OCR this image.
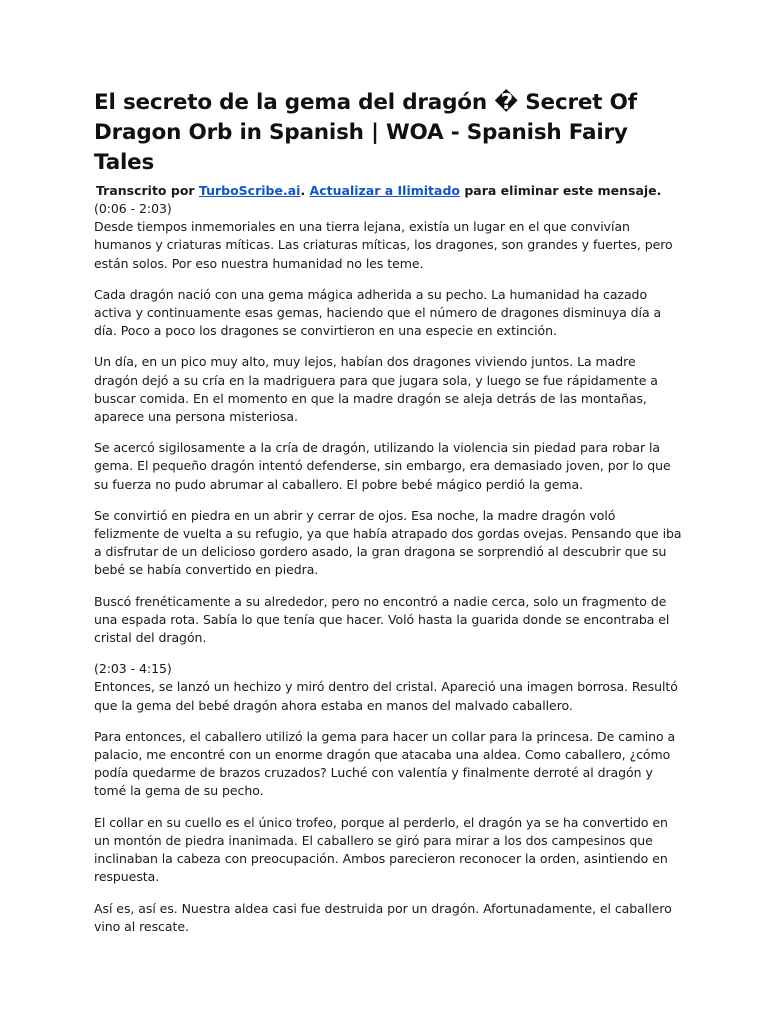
El secreto de la gema del dragón � Secret Of Dragon Orb in Spanish | WOA - Spanish Fairy Tales
Transcrito por TurboScribe.ai. Actualizar a Ilimitado para eliminar este mensaje.

(0:06 - 2:03)
Desde tiempos inmemoriales en una tierra lejana, existía un lugar en el que convivían humanos y criaturas míticas. Las criaturas míticas, los dragones, son grandes y fuertes, pero están solos. Por eso nuestra humanidad no les teme.

Cada dragón nació con una gema mágica adherida a su pecho. La humanidad ha cazado activa y continuamente esas gemas, haciendo que el número de dragones disminuya día a día. Poco a poco los dragones se convirtieron en una especie en extinción.

Un día, en un pico muy alto, muy lejos, habían dos dragones viviendo juntos. La madre dragón dejó a su cría en la madriguera para que jugara sola, y luego se fue rápidamente a buscar comida. En el momento en que la madre dragón se aleja detrás de las montañas, aparece una persona misteriosa.

Se acercó sigilosamente a la cría de dragón, utilizando la violencia sin piedad para robar la gema. El pequeño dragón intentó defenderse, sin embargo, era demasiado joven, por lo que su fuerza no pudo abrumar al caballero. El pobre bebé mágico perdió la gema.

Se convirtió en piedra en un abrir y cerrar de ojos. Esa noche, la madre dragón voló felizmente de vuelta a su refugio, ya que había atrapado dos gordas ovejas. Pensando que iba a disfrutar de un delicioso gordero asado, la gran dragona se sorprendió al descubrir que su bebé se había convertido en piedra.

Buscó frenéticamente a su alrededor, pero no encontró a nadie cerca, solo un fragmento de una espada rota. Sabía lo que tenía que hacer. Voló hasta la guarida donde se encontraba el cristal del dragón.

(2:03 - 4:15)
Entonces, se lanzó un hechizo y miró dentro del cristal. Apareció una imagen borrosa. Resultó que la gema del bebé dragón ahora estaba en manos del malvado caballero.

Para entonces, el caballero utilizó la gema para hacer un collar para la princesa. De camino a palacio, me encontré con un enorme dragón que atacaba una aldea. Como caballero, ¿cómo podía quedarme de brazos cruzados? Luché con valentía y finalmente derroté al dragón y tomé la gema de su pecho.

El collar en su cuello es el único trofeo, porque al perderlo, el dragón ya se ha convertido en un montón de piedra inanimada. El caballero se giró para mirar a los dos campesinos que inclinaban la cabeza con preocupación. Ambos parecieron reconocer la orden, asintiendo en respuesta.

Así es, así es. Nuestra aldea casi fue destruida por un dragón. Afortunadamente, el caballero vino al rescate.
